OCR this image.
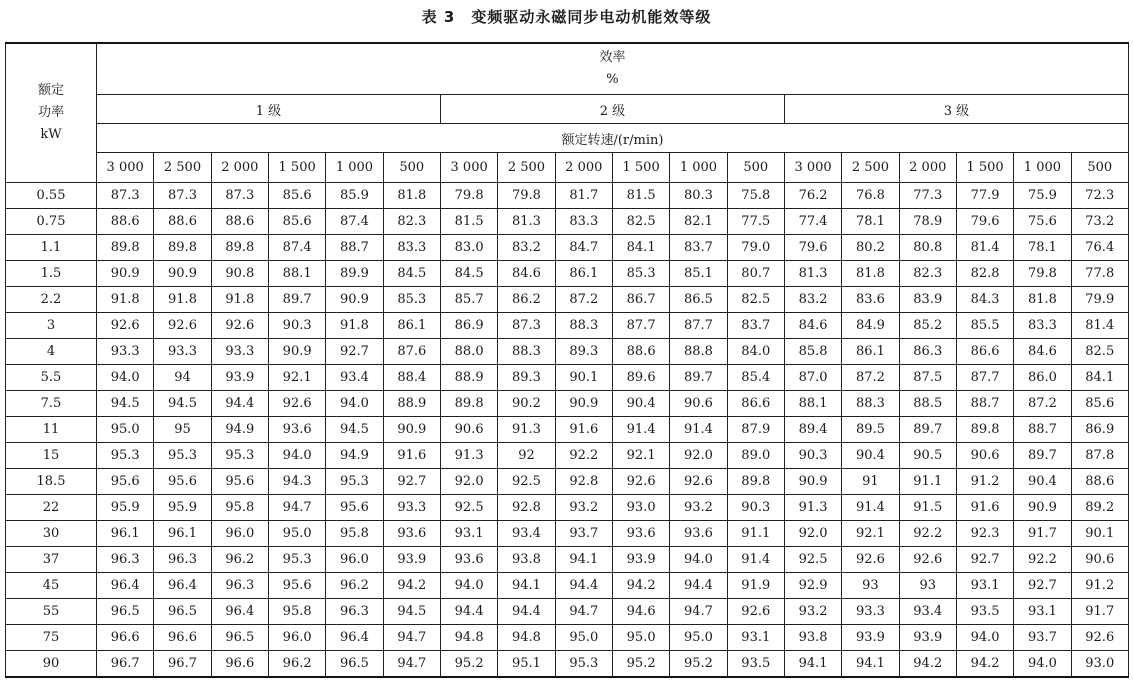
表 3　变频驱动永磁同步电动机能效等级
额定
功率
kW	效率
%																	

	1 级						2 级						3 级					
	额定转速/(r/min)																	
	3 000	2 500	2 000	1 500	1 000	500	3 000	2 500	2 000	1 500	1 000	500	3 000	2 500	2 000	1 500	1 000	500
0.55	87.3	87.3	87.3	85.6	85.9	81.8	79.8	79.8	81.7	81.5	80.3	75.8	76.2	76.8	77.3	77.9	75.9	72.3
0.75	88.6	88.6	88.6	85.6	87.4	82.3	81.5	81.3	83.3	82.5	82.1	77.5	77.4	78.1	78.9	79.6	75.6	73.2
1.1	89.8	89.8	89.8	87.4	88.7	83.3	83.0	83.2	84.7	84.1	83.7	79.0	79.6	80.2	80.8	81.4	78.1	76.4
1.5	90.9	90.9	90.8	88.1	89.9	84.5	84.5	84.6	86.1	85.3	85.1	80.7	81.3	81.8	82.3	82.8	79.8	77.8
2.2	91.8	91.8	91.8	89.7	90.9	85.3	85.7	86.2	87.2	86.7	86.5	82.5	83.2	83.6	83.9	84.3	81.8	79.9
3	92.6	92.6	92.6	90.3	91.8	86.1	86.9	87.3	88.3	87.7	87.7	83.7	84.6	84.9	85.2	85.5	83.3	81.4
4	93.3	93.3	93.3	90.9	92.7	87.6	88.0	88.3	89.3	88.6	88.8	84.0	85.8	86.1	86.3	86.6	84.6	82.5
5.5	94.0	94	93.9	92.1	93.4	88.4	88.9	89.3	90.1	89.6	89.7	85.4	87.0	87.2	87.5	87.7	86.0	84.1
7.5	94.5	94.5	94.4	92.6	94.0	88.9	89.8	90.2	90.9	90.4	90.6	86.6	88.1	88.3	88.5	88.7	87.2	85.6
11	95.0	95	94.9	93.6	94.5	90.9	90.6	91.3	91.6	91.4	91.4	87.9	89.4	89.5	89.7	89.8	88.7	86.9
15	95.3	95.3	95.3	94.0	94.9	91.6	91.3	92	92.2	92.1	92.0	89.0	90.3	90.4	90.5	90.6	89.7	87.8
18.5	95.6	95.6	95.6	94.3	95.3	92.7	92.0	92.5	92.8	92.6	92.6	89.8	90.9	91	91.1	91.2	90.4	88.6
22	95.9	95.9	95.8	94.7	95.6	93.3	92.5	92.8	93.2	93.0	93.2	90.3	91.3	91.4	91.5	91.6	90.9	89.2
30	96.1	96.1	96.0	95.0	95.8	93.6	93.1	93.4	93.7	93.6	93.6	91.1	92.0	92.1	92.2	92.3	91.7	90.1
37	96.3	96.3	96.2	95.3	96.0	93.9	93.6	93.8	94.1	93.9	94.0	91.4	92.5	92.6	92.6	92.7	92.2	90.6
45	96.4	96.4	96.3	95.6	96.2	94.2	94.0	94.1	94.4	94.2	94.4	91.9	92.9	93	93	93.1	92.7	91.2
55	96.5	96.5	96.4	95.8	96.3	94.5	94.4	94.4	94.7	94.6	94.7	92.6	93.2	93.3	93.4	93.5	93.1	91.7
75	96.6	96.6	96.5	96.0	96.4	94.7	94.8	94.8	95.0	95.0	95.0	93.1	93.8	93.9	93.9	94.0	93.7	92.6
90	96.7	96.7	96.6	96.2	96.5	94.7	95.2	95.1	95.3	95.2	95.2	93.5	94.1	94.1	94.2	94.2	94.0	93.0
